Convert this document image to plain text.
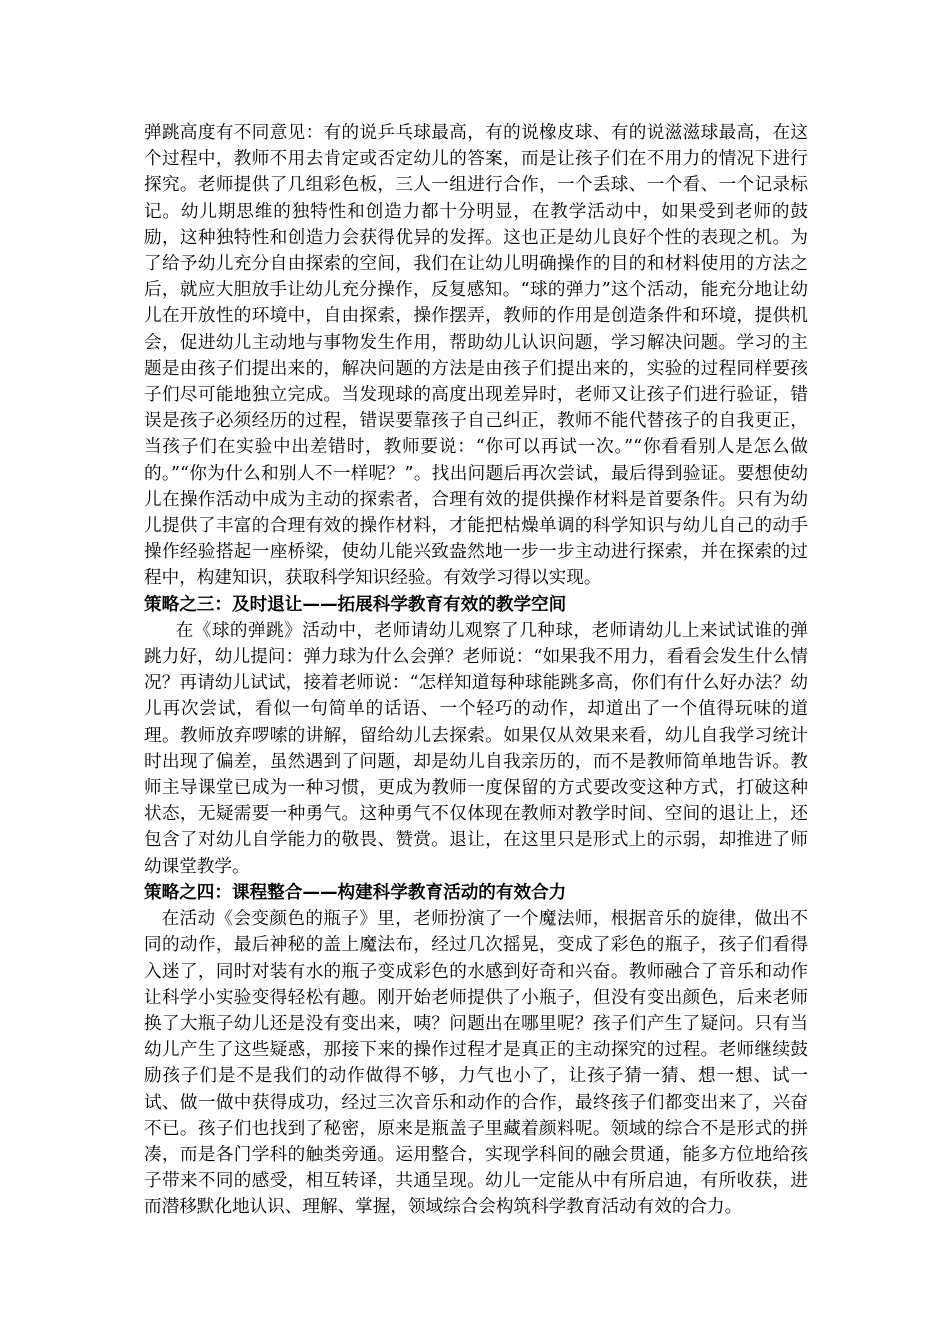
弹跳高度有不同意见：有的说乒乓球最高，有的说橡皮球、有的说滋滋球最高，在这个过程中，教师不用去肯定或否定幼儿的答案，而是让孩子们在不用力的情况下进行探究。老师提供了几组彩色板，三人一组进行合作，一个丢球、一个看、一个记录标记。幼儿期思维的独特性和创造力都十分明显，在教学活动中，如果受到老师的鼓励，这种独特性和创造力会获得优异的发挥。这也正是幼儿良好个性的表现之机。为了给予幼儿充分自由探索的空间，我们在让幼儿明确操作的目的和材料使用的方法之后，就应大胆放手让幼儿充分操作，反复感知。“球的弹力”这个活动，能充分地让幼儿在开放性的环境中，自由探索，操作摆弄，教师的作用是创造条件和环境，提供机会，促进幼儿主动地与事物发生作用，帮助幼儿认识问题，学习解决问题。学习的主题是由孩子们提出来的，解决问题的方法是由孩子们提出来的，实验的过程同样要孩子们尽可能地独立完成。当发现球的高度出现差异时，老师又让孩子们进行验证，错误是孩子必须经历的过程，错误要靠孩子自己纠正，教师不能代替孩子的自我更正，当孩子们在实验中出差错时，教师要说：“你可以再试一次。”“你看看别人是怎么做的。”“你为什么和别人不一样呢？”。找出问题后再次尝试，最后得到验证。要想使幼儿在操作活动中成为主动的探索者，合理有效的提供操作材料是首要条件。只有为幼儿提供了丰富的合理有效的操作材料，才能把枯燥单调的科学知识与幼儿自己的动手操作经验搭起一座桥梁，使幼儿能兴致盎然地一步一步主动进行探索，并在探索的过程中，构建知识，获取科学知识经验。有效学习得以实现。

策略之三：及时退让——拓展科学教育有效的教学空间

在《球的弹跳》活动中，老师请幼儿观察了几种球，老师请幼儿上来试试谁的弹跳力好，幼儿提问：弹力球为什么会弹？老师说：“如果我不用力，看看会发生什么情况？再请幼儿试试，接着老师说：“怎样知道每种球能跳多高，你们有什么好办法？幼儿再次尝试，看似一句简单的话语、一个轻巧的动作，却道出了一个值得玩味的道理。教师放弃啰嗦的讲解，留给幼儿去探索。如果仅从效果来看，幼儿自我学习统计时出现了偏差，虽然遇到了问题，却是幼儿自我亲历的，而不是教师简单地告诉。教师主导课堂已成为一种习惯，更成为教师一度保留的方式要改变这种方式，打破这种状态，无疑需要一种勇气。这种勇气不仅体现在教师对教学时间、空间的退让上，还包含了对幼儿自学能力的敬畏、赞赏。退让，在这里只是形式上的示弱，却推进了师幼课堂教学。

策略之四：课程整合——构建科学教育活动的有效合力

在活动《会变颜色的瓶子》里，老师扮演了一个魔法师，根据音乐的旋律，做出不同的动作，最后神秘的盖上魔法布，经过几次摇晃，变成了彩色的瓶子，孩子们看得入迷了，同时对装有水的瓶子变成彩色的水感到好奇和兴奋。教师融合了音乐和动作让科学小实验变得轻松有趣。刚开始老师提供了小瓶子，但没有变出颜色，后来老师换了大瓶子幼儿还是没有变出来，咦？问题出在哪里呢？孩子们产生了疑问。只有当幼儿产生了这些疑惑，那接下来的操作过程才是真正的主动探究的过程。老师继续鼓励孩子们是不是我们的动作做得不够，力气也小了，让孩子猜一猜、想一想、试一试、做一做中获得成功，经过三次音乐和动作的合作，最终孩子们都变出来了，兴奋不已。孩子们也找到了秘密，原来是瓶盖子里藏着颜料呢。领域的综合不是形式的拼凑，而是各门学科的触类旁通。运用整合，实现学科间的融会贯通，能多方位地给孩子带来不同的感受，相互转译，共通呈现。幼儿一定能从中有所启迪，有所收获，进而潜移默化地认识、理解、掌握，领域综合会构筑科学教育活动有效的合力。
